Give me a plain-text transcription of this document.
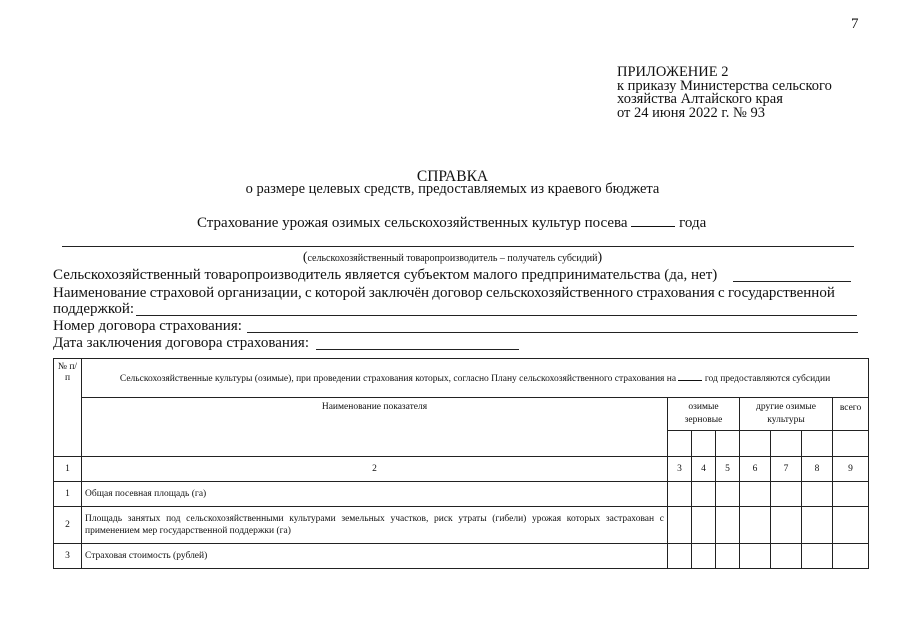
7
ПРИЛОЖЕНИЕ 2
к приказу Министерства сельского
хозяйства Алтайского края
от 24 июня 2022 г. № 93
СПРАВКА
о размере целевых средств, предоставляемых из краевого бюджета
Страхование урожая озимых сельскохозяйственных культур посева	года
(сельскохозяйственный товаропроизводитель – получатель субсидий)
Сельскохозяйственный товаропроизводитель является субъектом малого предпринимательства (да, нет)
Наименование страховой организации, с которой заключён договор сельскохозяйственного страхования с государственной
поддержкой:
Номер договора страхования:
Дата заключения договора страхования:
№ п/п	Сельскохозяйственные культуры (озимые), при проведении страхования которых, согласно Плану сельскохозяйственного страхования на год предоставляются субсидии							
	Наименование показателя	озимые зерновые			другие озимые культуры			всего

1	2	3	4	5	6	7	8	9
1	Общая посевная площадь (га)							
2	Площадь занятых под сельскохозяйственными культурами земельных участков, риск утраты (гибели) урожая которых застрахован с применением мер государственной поддержки (га)							
3	Страховая стоимость (рублей)							
